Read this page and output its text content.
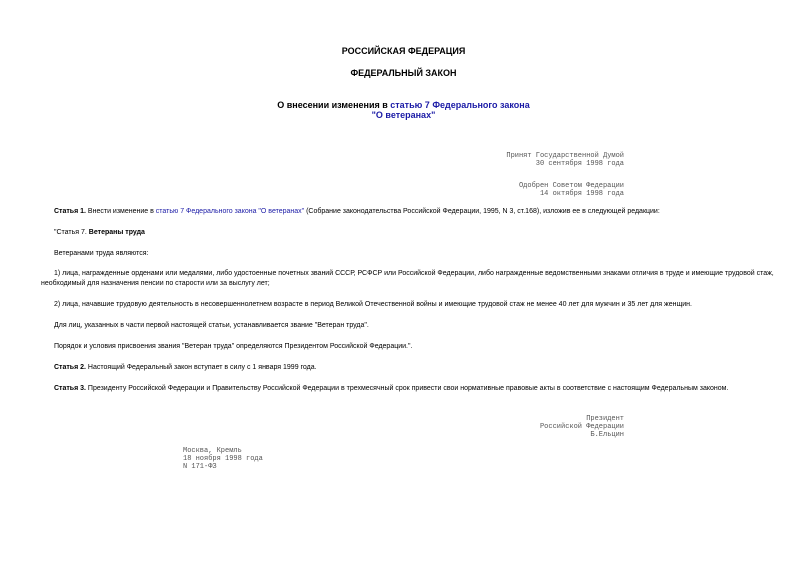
РОССИЙСКАЯ ФЕДЕРАЦИЯ
ФЕДЕРАЛЬНЫЙ ЗАКОН
О внесении изменения в статью 7 Федерального закона
"О ветеранах"
Принят Государственной Думой
30 сентября 1998 года
Одобрен Советом Федерации
14 октября 1998 года
Статья 1. Внести изменение в статью 7 Федерального закона "О ветеранах" (Собрание законодательства Российской Федерации, 1995, N 3, ст.168), изложив ее в следующей редакции:
"Статья 7. Ветераны труда
Ветеранами труда являются:
1) лица, награжденные орденами или медалями, либо удостоенные почетных званий СССР, РСФСР или Российской Федерации, либо награжденные ведомственными знаками отличия в труде и имеющие трудовой стаж, необходимый для назначения пенсии по старости или за выслугу лет;
2) лица, начавшие трудовую деятельность в несовершеннолетнем возрасте в период Великой Отечественной войны и имеющие трудовой стаж не менее 40 лет для мужчин и 35 лет для женщин.
Для лиц, указанных в части первой настоящей статьи, устанавливается звание "Ветеран труда".
Порядок и условия присвоения звания "Ветеран труда" определяются Президентом Российской Федерации.".
Статья 2. Настоящий Федеральный закон вступает в силу с 1 января 1999 года.
Статья 3. Президенту Российской Федерации и Правительству Российской Федерации в трехмесячный срок привести свои нормативные правовые акты в соответствие с настоящим Федеральным законом.
Президент
Российской Федерации
Б.Ельцин
Москва, Кремль
18 ноября 1998 года
N 171-ФЗ
